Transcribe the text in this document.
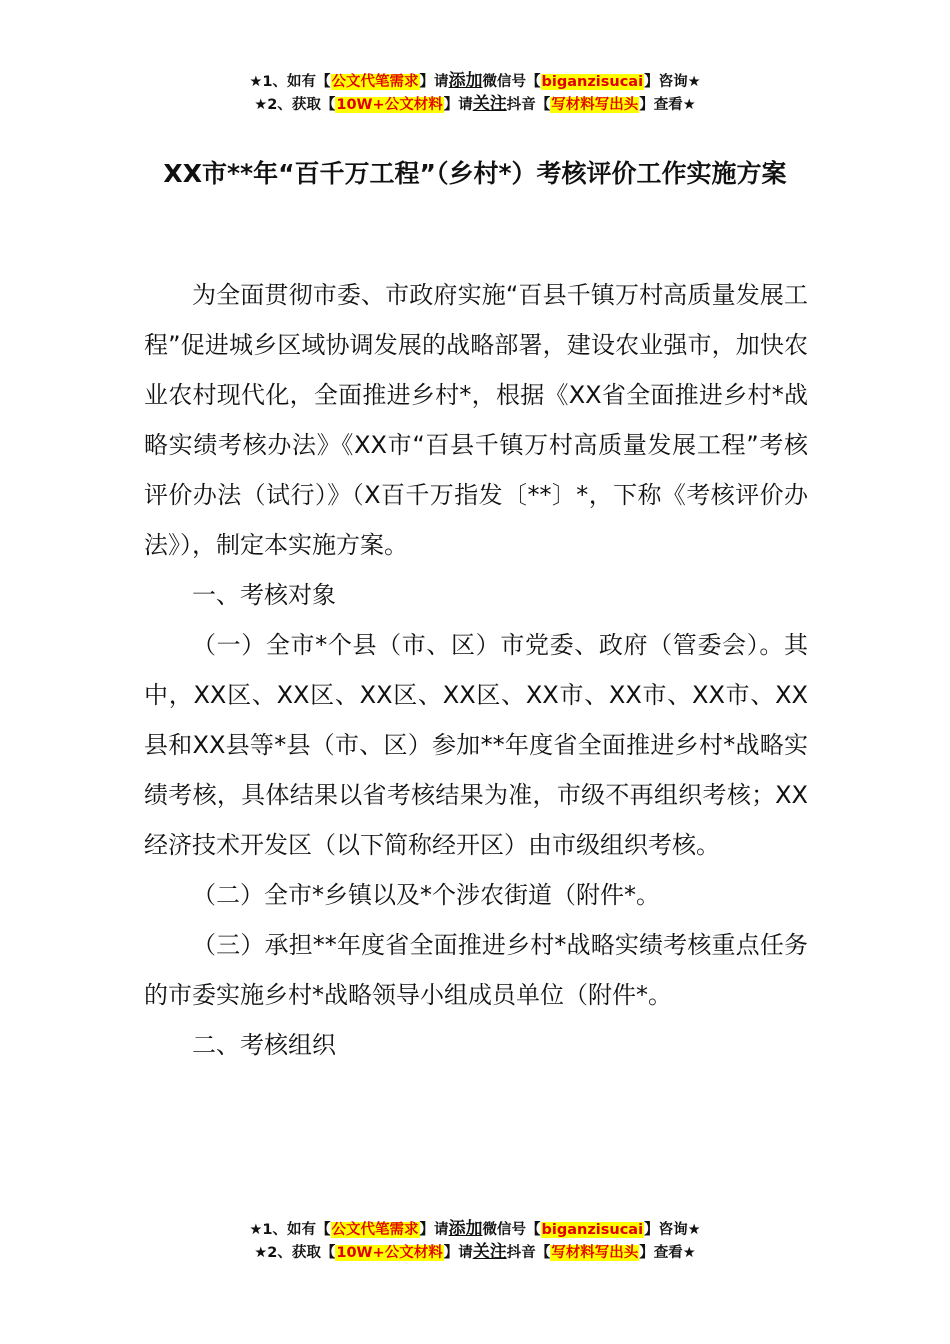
★1、如有【公文代笔需求】请添加微信号【biganzisucai】咨询★
★2、获取【10W+公文材料】请关注抖音【写材料写出头】查看★
XX市**年“百千万工程”（乡村*）考核评价工作实施方案

为全面贯彻市委、市政府实施“百县千镇万村高质量发展工程”促进城乡区域协调发展的战略部署，建设农业强市，加快农业农村现代化，全面推进乡村*，根据《XX省全面推进乡村*战略实绩考核办法》《XX市“百县千镇万村高质量发展工程”考核评价办法（试行）》（X百千万指发〔**〕*，下称《考核评价办法》），制定本实施方案。

一、考核对象

（一）全市*个县（市、区）市党委、政府（管委会）。其中，XX区、XX区、XX区、XX区、XX市、XX市、XX市、XX县和XX县等*县（市、区）参加**年度省全面推进乡村*战略实绩考核，具体结果以省考核结果为准，市级不再组织考核；XX经济技术开发区（以下简称经开区）由市级组织考核。

（二）全市*乡镇以及*个涉农街道（附件*。

（三）承担**年度省全面推进乡村*战略实绩考核重点任务的市委实施乡村*战略领导小组成员单位（附件*。

二、考核组织

★1、如有【公文代笔需求】请添加微信号【biganzisucai】咨询★
★2、获取【10W+公文材料】请关注抖音【写材料写出头】查看★
